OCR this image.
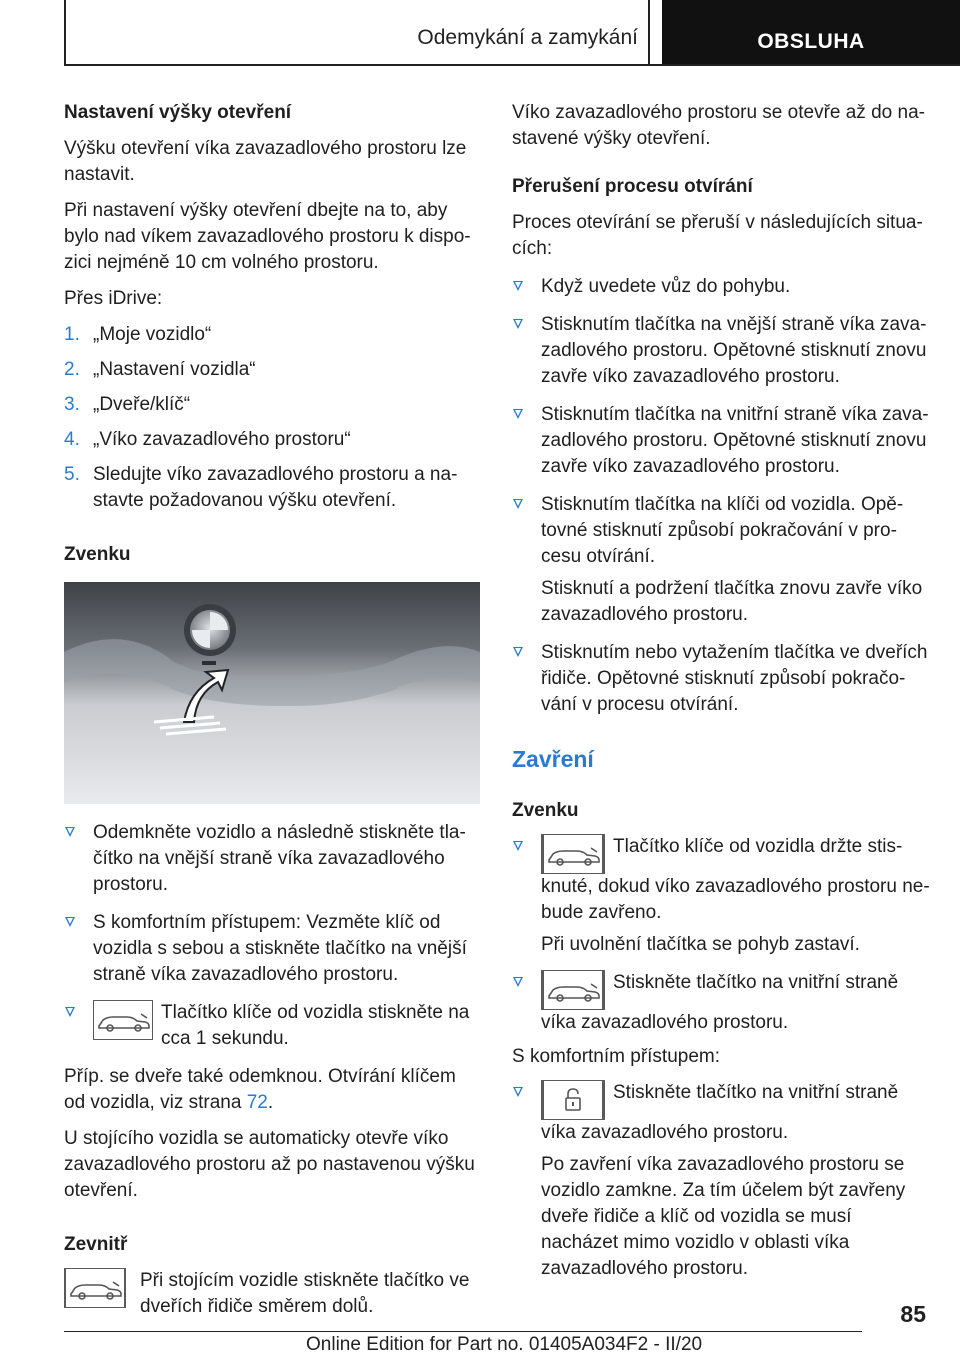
Odemykání a zamykání	OBSLUHA

Nastavení výšky otevření

Výšku otevření víka zavazadlového prostoru lze nastavit.

Při nastavení výšky otevření dbejte na to, aby bylo nad víkem zavazadlového prostoru k dispozici nejméně 10 cm volného prostoru.

Přes iDrive:

1. „Moje vozidlo“
2. „Nastavení vozidla“
3. „Dveře/klíč“
4. „Víko zavazadlového prostoru“
5. Sledujte víko zavazadlového prostoru a nastavte požadovanou výšku otevření.

Zvenku

Odemkněte vozidlo a následně stiskněte tlačítko na vnější straně víka zavazadlového prostoru.
S komfortním přístupem: Vezměte klíč od vozidla s sebou a stiskněte tlačítko na vnější straně víka zavazadlového prostoru.
Tlačítko klíče od vozidla stiskněte na cca 1 sekundu.

Příp. se dveře také odemknou. Otvírání klíčem od vozidla, viz strana 72.

U stojícího vozidla se automaticky otevře víko zavazadlového prostoru až po nastavenou výšku otevření.

Zevnitř

Při stojícím vozidle stiskněte tlačítko ve dveřích řidiče směrem dolů.

Víko zavazadlového prostoru se otevře až do nastavené výšky otevření.

Přerušení procesu otvírání

Proces otevírání se přeruší v následujících situacích:

Když uvedete vůz do pohybu.
Stisknutím tlačítka na vnější straně víka zavazadlového prostoru. Opětovné stisknutí znovu zavře víko zavazadlového prostoru.
Stisknutím tlačítka na vnitřní straně víka zavazadlového prostoru. Opětovné stisknutí znovu zavře víko zavazadlového prostoru.
Stisknutím tlačítka na klíči od vozidla. Opětovné stisknutí způsobí pokračování v procesu otvírání.
Stisknutí a podržení tlačítka znovu zavře víko zavazadlového prostoru.
Stisknutím nebo vytažením tlačítka ve dveřích řidiče. Opětovné stisknutí způsobí pokračování v procesu otvírání.
Zavření

Zvenku

Tlačítko klíče od vozidla držte stisknuté, dokud víko zavazadlového prostoru nebude zavřeno.
Při uvolnění tlačítka se pohyb zastaví.
Stiskněte tlačítko na vnitřní straně víka zavazadlového prostoru.

S komfortním přístupem:

Stiskněte tlačítko na vnitřní straně víka zavazadlového prostoru.
Po zavření víka zavazadlového prostoru se vozidlo zamkne. Za tím účelem být zavřeny dveře řidiče a klíč od vozidla se musí nacházet mimo vozidlo v oblasti víka zavazadlového prostoru.
85
Online Edition for Part no. 01405A034F2 - II/20
